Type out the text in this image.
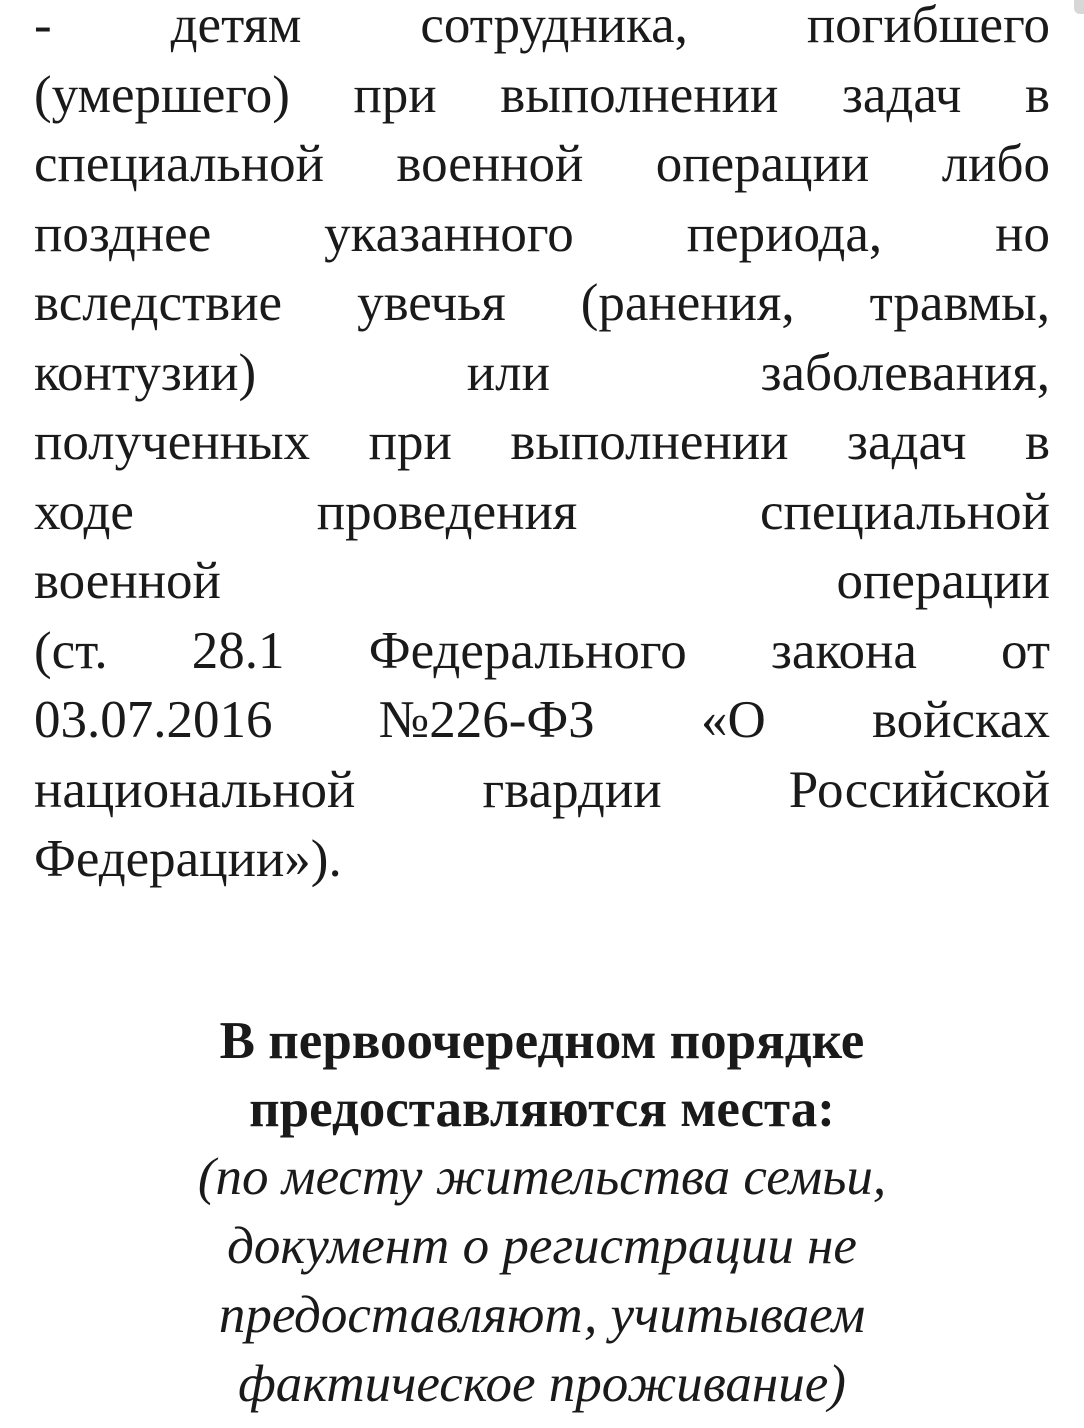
- детям сотрудника, погибшего
(умершего) при выполнении задач в
специальной военной операции либо
позднее указанного периода, но
вследствие увечья (ранения, травмы,
контузии)	или	заболевания,
полученных при выполнении задач в
ходе	проведения	специальной
военной	операции
(ст. 28.1 Федерального закона от
03.07.2016 №226-ФЗ «О войсках
национальной гвардии Российской
Федерации»).
В первоочередном порядке
предоставляются места:
(по месту жительства семьи,
документ о регистрации не
предоставляют, учитываем
фактическое проживание)
